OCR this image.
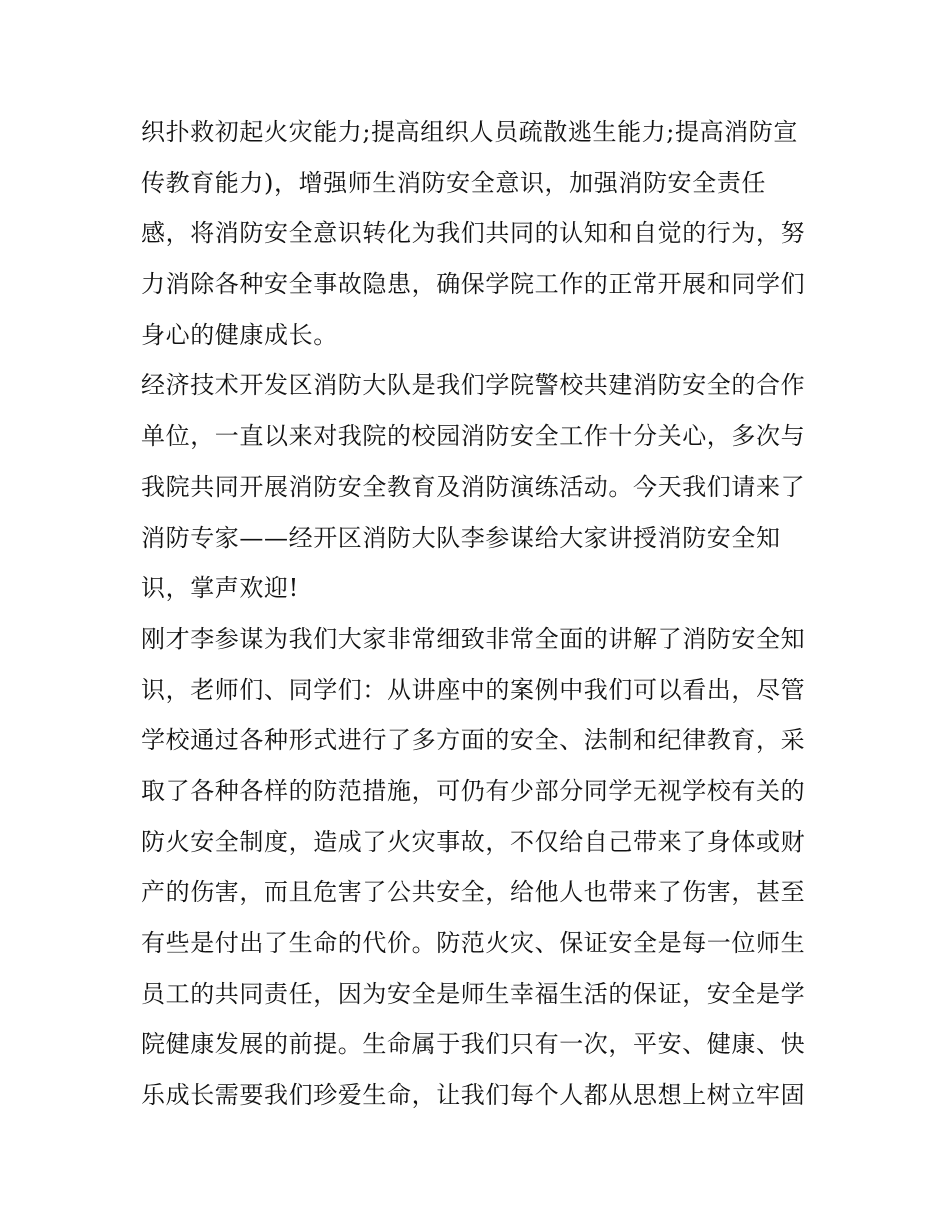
织扑救初起火灾能力;提高组织人员疏散逃生能力;提高消防宣
传教育能力)，增强师生消防安全意识，加强消防安全责任
感，将消防安全意识转化为我们共同的认知和自觉的行为，努
力消除各种安全事故隐患，确保学院工作的正常开展和同学们
身心的健康成长。
经济技术开发区消防大队是我们学院警校共建消防安全的合作
单位，一直以来对我院的校园消防安全工作十分关心，多次与
我院共同开展消防安全教育及消防演练活动。今天我们请来了
消防专家——经开区消防大队李参谋给大家讲授消防安全知
识，掌声欢迎!
刚才李参谋为我们大家非常细致非常全面的讲解了消防安全知
识，老师们、同学们：从讲座中的案例中我们可以看出，尽管
学校通过各种形式进行了多方面的安全、法制和纪律教育，采
取了各种各样的防范措施，可仍有少部分同学无视学校有关的
防火安全制度，造成了火灾事故，不仅给自己带来了身体或财
产的伤害，而且危害了公共安全，给他人也带来了伤害，甚至
有些是付出了生命的代价。防范火灾、保证安全是每一位师生
员工的共同责任，因为安全是师生幸福生活的保证，安全是学
院健康发展的前提。生命属于我们只有一次，平安、健康、快
乐成长需要我们珍爱生命，让我们每个人都从思想上树立牢固
